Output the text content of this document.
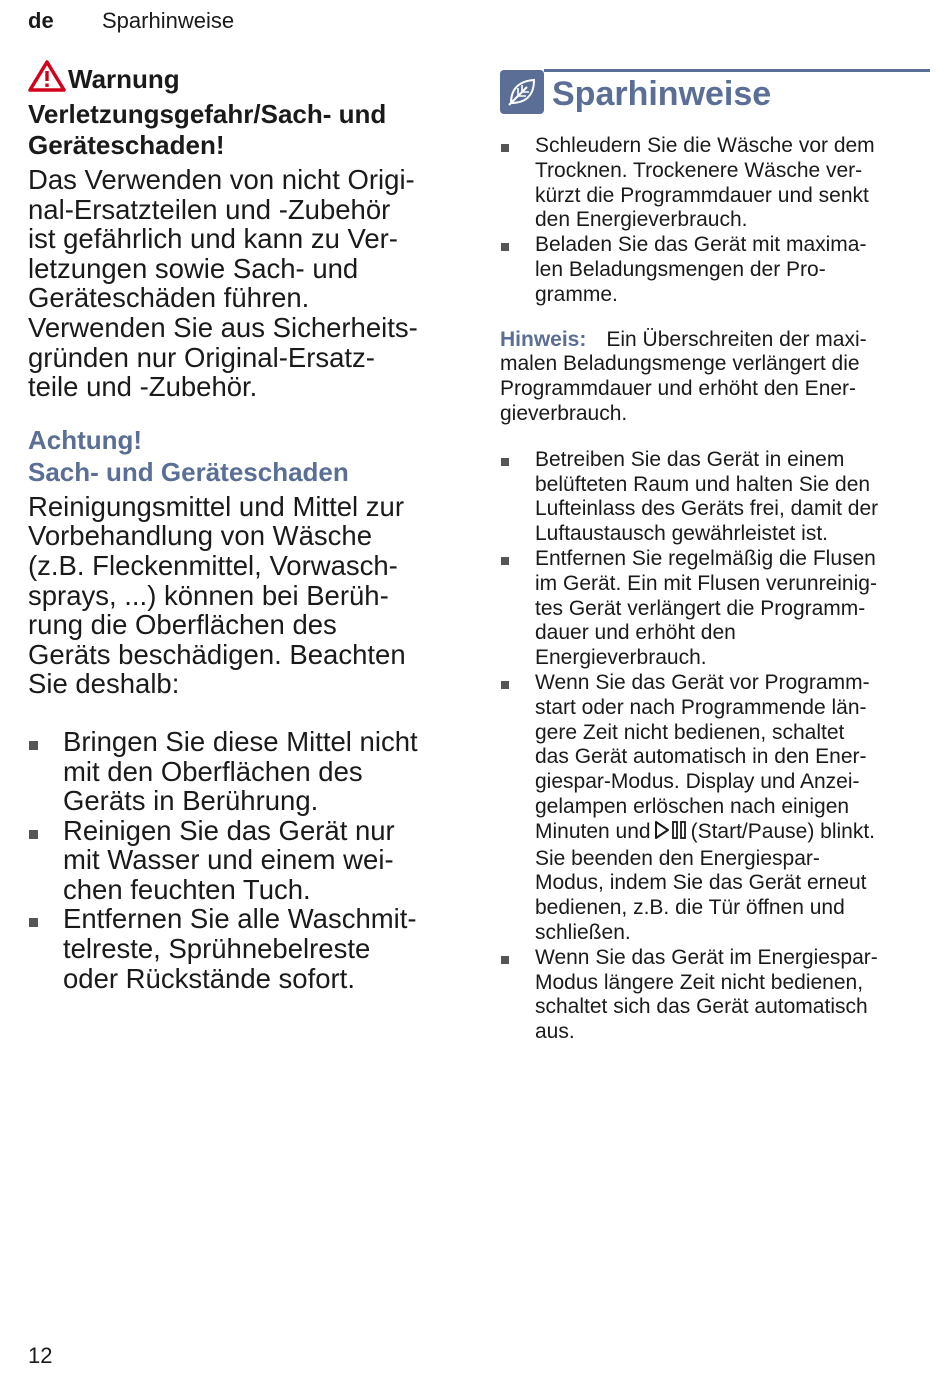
de Sparhinweise
Warnung
Verletzungsgefahr/Sach- und
Geräteschaden!
Das Verwenden von nicht Origi-
nal-Ersatzteilen und -Zubehör
ist gefährlich und kann zu Ver-
letzungen sowie Sach- und
Geräteschäden führen.
Verwenden Sie aus Sicherheits-
gründen nur Original-Ersatz-
teile und -Zubehör.
Achtung!
Sach- und Geräteschaden
Reinigungsmittel und Mittel zur
Vorbehandlung von Wäsche
(z.B. Fleckenmittel, Vorwasch-
sprays, ...) können bei Berüh-
rung die Oberflächen des
Geräts beschädigen. Beachten
Sie deshalb:
Bringen Sie diese Mittel nicht
mit den Oberflächen des
Geräts in Berührung.
Reinigen Sie das Gerät nur
mit Wasser und einem wei-
chen feuchten Tuch.
Entfernen Sie alle Waschmit-
telreste, Sprühnebelreste
oder Rückstände sofort.
Sparhinweise
Schleudern Sie die Wäsche vor dem
Trocknen. Trockenere Wäsche ver-
kürzt die Programmdauer und senkt
den Energieverbrauch.
Beladen Sie das Gerät mit maxima-
len Beladungsmengen der Pro-
gramme.
Hinweis: Ein Überschreiten der maxi-
malen Beladungsmenge verlängert die
Programmdauer und erhöht den Ener-
gieverbrauch.
Betreiben Sie das Gerät in einem
belüfteten Raum und halten Sie den
Lufteinlass des Geräts frei, damit der
Luftaustausch gewährleistet ist.
Entfernen Sie regelmäßig die Flusen
im Gerät. Ein mit Flusen verunreinig-
tes Gerät verlängert die Programm-
dauer und erhöht den
Energieverbrauch.
Wenn Sie das Gerät vor Programm-
start oder nach Programmende län-
gere Zeit nicht bedienen, schaltet
das Gerät automatisch in den Ener-
giespar-Modus. Display und Anzei-
gelampen erlöschen nach einigen
Minuten und (Start/Pause) blinkt.
Sie beenden den Energiespar-
Modus, indem Sie das Gerät erneut
bedienen, z.B. die Tür öffnen und
schließen.
Wenn Sie das Gerät im Energiespar-
Modus längere Zeit nicht bedienen,
schaltet sich das Gerät automatisch
aus.
12
